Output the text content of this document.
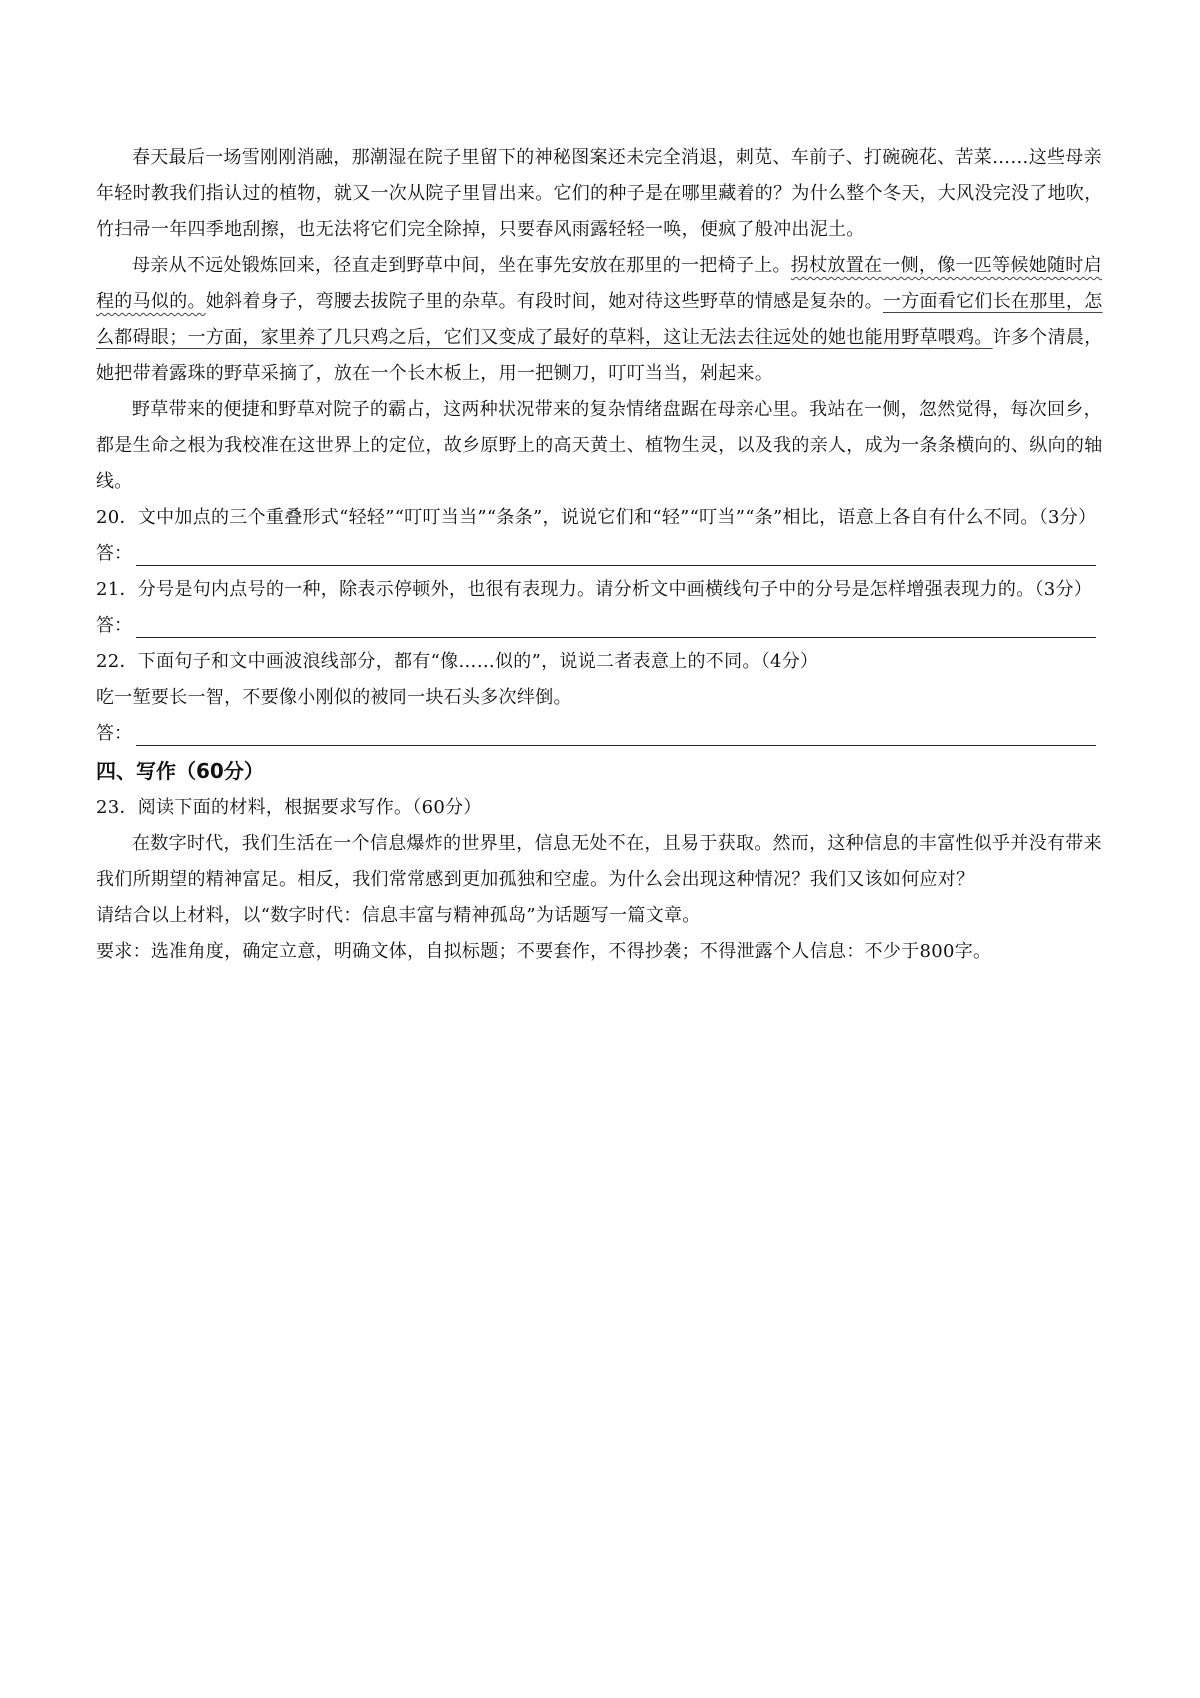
春天最后一场雪刚刚消融，那潮湿在院子里留下的神秘图案还未完全消退，刺苋、车前子、打碗碗花、苦菜……这些母亲年轻时教我们指认过的植物，就又一次从院子里冒出来。它们的种子是在哪里藏着的？为什么整个冬天，大风没完没了地吹，竹扫帚一年四季地刮擦，也无法将它们完全除掉，只要春风雨露轻轻一唤，便疯了般冲出泥土。

母亲从不远处锻炼回来，径直走到野草中间，坐在事先安放在那里的一把椅子上。拐杖放置在一侧，像一匹等候她随时启程的马似的。她斜着身子，弯腰去拔院子里的杂草。有段时间，她对待这些野草的情感是复杂的。一方面看它们长在那里，怎么都碍眼；一方面，家里养了几只鸡之后，它们又变成了最好的草料，这让无法去往远处的她也能用野草喂鸡。许多个清晨，她把带着露珠的野草采摘了，放在一个长木板上，用一把铡刀，叮叮当当，剁起来。

野草带来的便捷和野草对院子的霸占，这两种状况带来的复杂情绪盘踞在母亲心里。我站在一侧，忽然觉得，每次回乡，都是生命之根为我校准在这世界上的定位，故乡原野上的高天黄土、植物生灵，以及我的亲人，成为一条条横向的、纵向的轴线。

20．文中加点的三个重叠形式“轻轻”“叮叮当当”“条条”，说说它们和“轻”“叮当”“条”相比，语意上各自有什么不同。（3分）

答：

21．分号是句内点号的一种，除表示停顿外，也很有表现力。请分析文中画横线句子中的分号是怎样增强表现力的。（3分）

答：

22．下面句子和文中画波浪线部分，都有“像……似的”，说说二者表意上的不同。（4分）

吃一堑要长一智，不要像小刚似的被同一块石头多次绊倒。

答：

四、写作（60分）

23．阅读下面的材料，根据要求写作。（60分）

在数字时代，我们生活在一个信息爆炸的世界里，信息无处不在，且易于获取。然而，这种信息的丰富性似乎并没有带来我们所期望的精神富足。相反，我们常常感到更加孤独和空虚。为什么会出现这种情况？我们又该如何应对？

请结合以上材料，以“数字时代：信息丰富与精神孤岛”为话题写一篇文章。

要求：选准角度，确定立意，明确文体，自拟标题；不要套作，不得抄袭；不得泄露个人信息：不少于800字。
